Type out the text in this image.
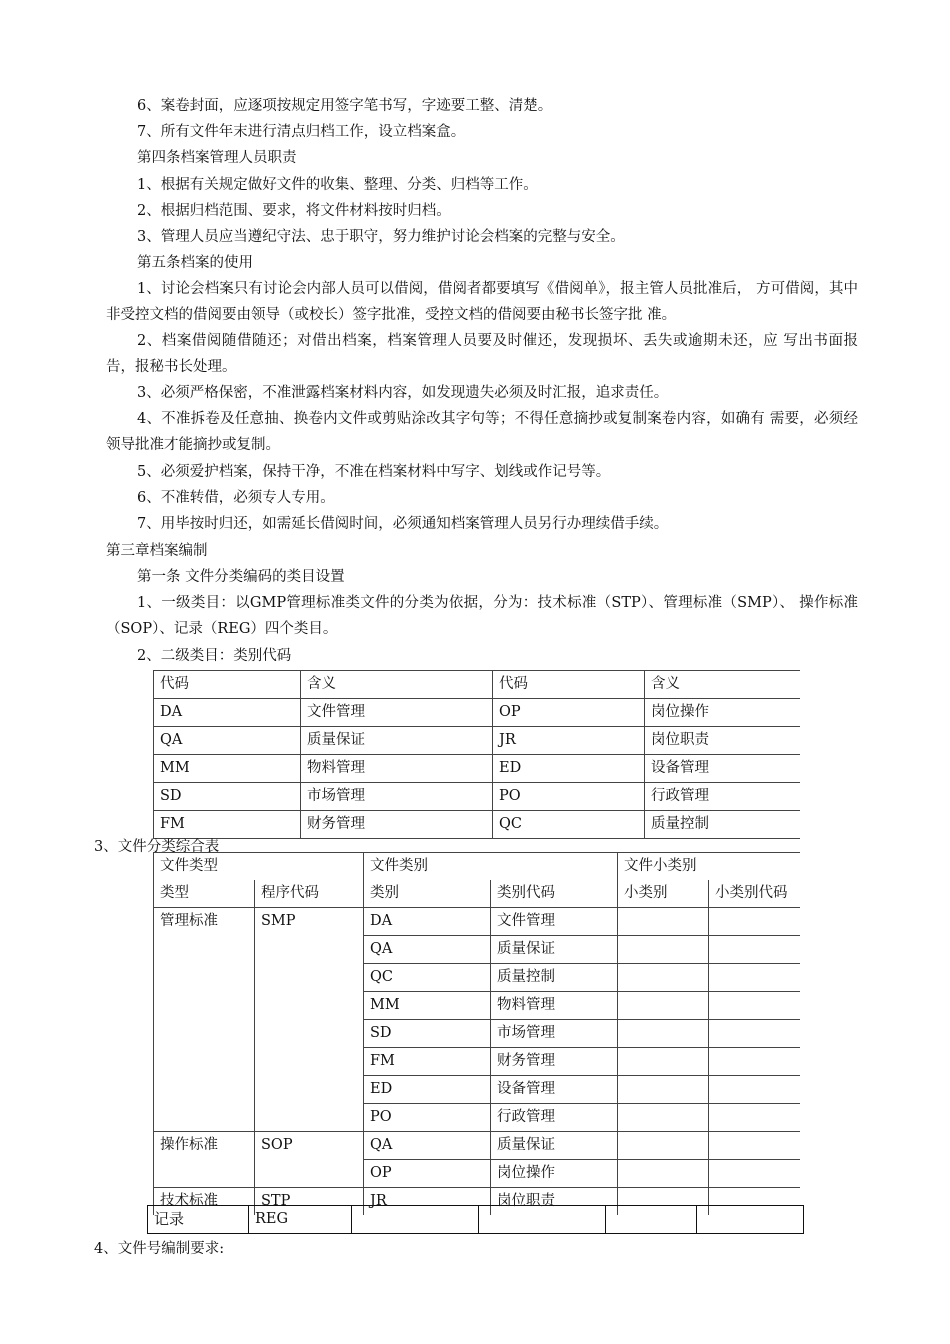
6、案卷封面，应逐项按规定用签字笔书写，字迹要工整、清楚。
7、所有文件年末进行清点归档工作，设立档案盒。
第四条档案管理人员职责
1、根据有关规定做好文件的收集、整理、分类、归档等工作。
2、根据归档范围、要求，将文件材料按时归档。
3、管理人员应当遵纪守法、忠于职守，努力维护讨论会档案的完整与安全。
第五条档案的使用
1、讨论会档案只有讨论会内部人员可以借阅，借阅者都要填写《借阅单》，报主管人员批准后， 方可借阅，其中非受控文档的借阅要由领导（或校长）签字批准，受控文档的借阅要由秘书长签字批 准。
2、档案借阅随借随还；对借出档案，档案管理人员要及时催还，发现损坏、丢失或逾期未还，应 写出书面报告，报秘书长处理。
3、必须严格保密，不准泄露档案材料内容，如发现遗失必须及时汇报，追求责任。
4、不准拆卷及任意抽、换卷内文件或剪贴涂改其字句等；不得任意摘抄或复制案卷内容，如确有 需要，必须经领导批准才能摘抄或复制。
5、必须爱护档案，保持干净，不准在档案材料中写字、划线或作记号等。
6、不准转借，必须专人专用。
7、用毕按时归还，如需延长借阅时间，必须通知档案管理人员另行办理续借手续。
第三章档案编制
第一条 文件分类编码的类目设置
1、一级类目：以GMP管理标准类文件的分类为依据，分为：技术标准（STP）、管理标准（SMP）、 操作标准（SOP）、记录（REG）四个类目。
2、二级类目：类别代码
代码	含义	代码	含义
DA	文件管理	OP	岗位操作
QA	质量保证	JR	岗位职责
MM	物料管理	ED	设备管理
SD	市场管理	PO	行政管理
FM	财务管理	QC	质量控制
3、文件分类综合表
文件类型		文件类别		文件小类别	
类型	程序代码	类别	类别代码	小类别	小类别代码
管理标准	SMP	DA	文件管理		
		QA	质量保证		
		QC	质量控制		
		MM	物料管理		
		SD	市场管理		
		FM	财务管理		
		ED	设备管理		
		PO	行政管理		
操作标准	SOP	QA	质量保证		
		OP	岗位操作		
技术标准	STP	JR	岗位职责		
记录	REG				
4、文件号编制要求:
